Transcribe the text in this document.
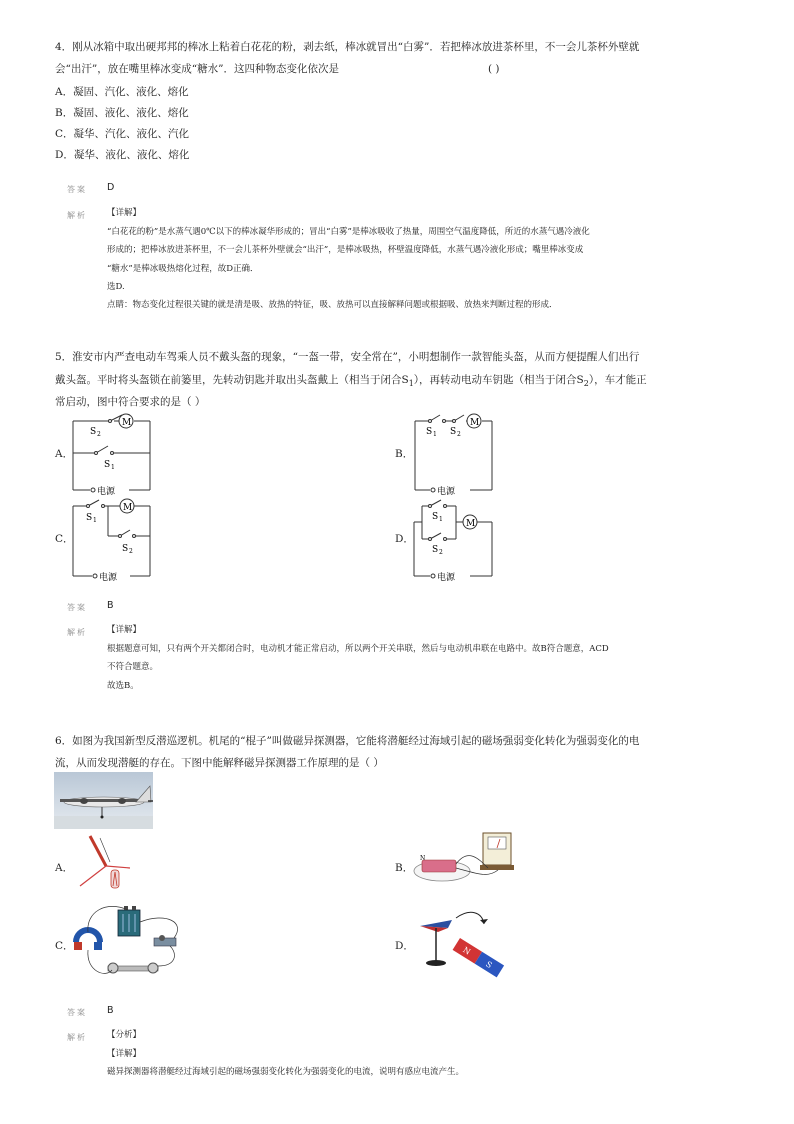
4．刚从冰箱中取出硬邦邦的棒冰上粘着白花花的粉，剥去纸，棒冰就冒出“白雾”．若把棒冰放进茶杯里，不一会儿茶杯外壁就
会“出汗”，放在嘴里棒冰变成“糖水”．这四种物态变化依次是	( )
A．凝固、汽化、液化、熔化
B．凝固、液化、液化、熔化
C．凝华、汽化、液化、汽化
D．凝华、液化、液化、熔化
答案 D
解析 【详解】
“白花花的粉”是水蒸气遇0℃以下的棒冰凝华形成的；冒出“白雾”是棒冰吸收了热量，周围空气温度降低，所近的水蒸气遇冷液化
形成的；把棒冰放进茶杯里，不一会儿茶杯外壁就会“出汗”，是棒冰吸热，杯壁温度降低，水蒸气遇冷液化形成；嘴里棒冰变成
“糖水”是棒冰吸热熔化过程，故D正确．
选D.
点睛：物态变化过程很关键的就是清是吸、放热的特征，吸、放热可以直接解释问题或根据吸、放热来判断过程的形成．
5．淮安市内严查电动车驾乘人员不戴头盔的现象，“一盔一带，安全常在”，小明想制作一款智能头盔，从而方便提醒人们出行
戴头盔。平时将头盔锁在前篓里，先转动钥匙并取出头盔戴上（相当于闭合$S_1$），再转动电动车钥匙（相当于闭合$S_2$），车才能正
常启动，图中符合要求的是（ ）
A．	B．
C．	D．
M
S 2
S 1
电源
M
S 1 S 2
电源
M
S 1
S 2
电源
M
S 1
S 2
电源
答案 B
解析 【详解】
根据题意可知，只有两个开关都闭合时，电动机才能正常启动，所以两个开关串联，然后与电动机串联在电路中。故B符合题意，ACD
不符合题意。
故选B。
6．如图为我国新型反潜巡逻机。机尾的“棍子”叫做磁异探测器，它能将潜艇经过海域引起的磁场强弱变化转化为强弱变化的电
流，从而发现潜艇的存在。下图中能解释磁异探测器工作原理的是（ ）
A．	B．
C．	D．
N
N
S
答案 B
解析 【分析】
【详解】
磁异探测器将潜艇经过海域引起的磁场强弱变化转化为强弱变化的电流，说明有感应电流产生。
